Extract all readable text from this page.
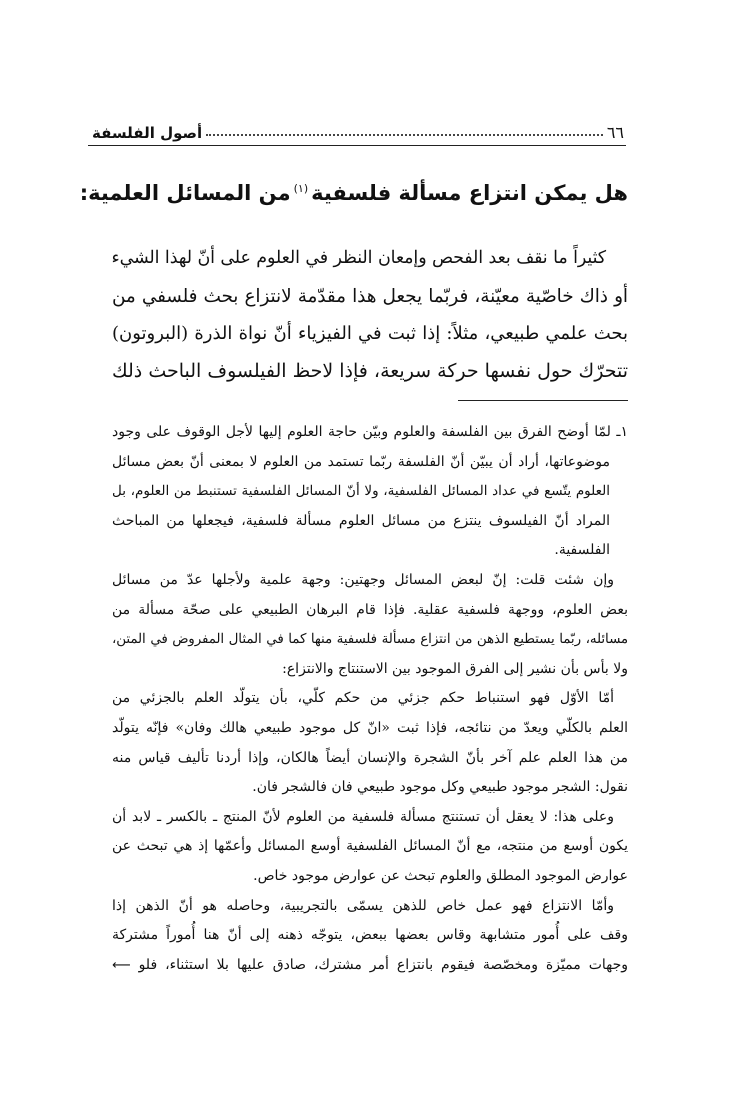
٦٦
أصول الفلسفة
هل يمكن انتزاع مسألة فلسفية$^{(١)}$من المسائل العلمية:
كثيراً ما نقف بعد الفحص وإمعان النظر في العلوم على أنّ لهذا الشيء
أو ذاك خاصّية معيّنة، فربّما يجعل هذا مقدّمة لانتزاع بحث فلسفي من
بحث علمي طبيعي، مثلاً: إذا ثبت في الفيزياء أنّ نواة الذرة (البروتون)
تتحرّك حول نفسها حركة سريعة، فإذا لاحظ الفيلسوف الباحث ذلك
١ـ لمّا أوضح الفرق بين الفلسفة والعلوم وبيّن حاجة العلوم إليها لأجل الوقوف على وجود
موضوعاتها، أراد أن يبيّن أنّ الفلسفة ربّما تستمد من العلوم لا بمعنى أنّ بعض مسائل
العلوم يتّسع في عداد المسائل الفلسفية، ولا أنّ المسائل الفلسفية تستنبط من العلوم، بل
المراد أنّ الفيلسوف ينتزع من مسائل العلوم مسألة فلسفية، فيجعلها من المباحث
الفلسفية.
وإن شئت قلت: إنّ لبعض المسائل وجهتين: وجهة علمية ولأجلها عدّ من مسائل
بعض العلوم، ووجهة فلسفية عقلية. فإذا قام البرهان الطبيعي على صحّة مسألة من
مسائله، ربّما يستطيع الذهن من انتزاع مسألة فلسفية منها كما في المثال المفروض في المتن،
ولا بأس بأن نشير إلى الفرق الموجود بين الاستنتاج والانتزاع:
أمّا الأوّل فهو استنباط حكم جزئي من حكم كلّي، بأن يتولّد العلم بالجزئي من
العلم بالكلّي ويعدّ من نتائجه، فإذا ثبت «انّ كل موجود طبيعي هالك وفان» فإنّه يتولّد
من هذا العلم علم آخر بأنّ الشجرة والإنسان أيضاً هالكان، وإذا أردنا تأليف قياس منه
نقول: الشجر موجود طبيعي وكل موجود طبيعي فان فالشجر فان.
وعلى هذا: لا يعقل أن تستنتج مسألة فلسفية من العلوم لأنّ المنتج ـ بالكسر ـ لابد أن
يكون أوسع من منتجه، مع أنّ المسائل الفلسفية أوسع المسائل وأعمّها إذ هي تبحث عن
عوارض الموجود المطلق والعلوم تبحث عن عوارض موجود خاص.
وأمّا الانتزاع فهو عمل خاص للذهن يسمّى بالتجريبية، وحاصله هو أنّ الذهن إذا
وقف على أُمور متشابهة وقاس بعضها ببعض، يتوجّه ذهنه إلى أنّ هنا أُموراً مشتركة
وجهات مميّزة ومخصّصة فيقوم بانتزاع أمر مشترك، صادق عليها بلا استثناء، فلو ⟵
